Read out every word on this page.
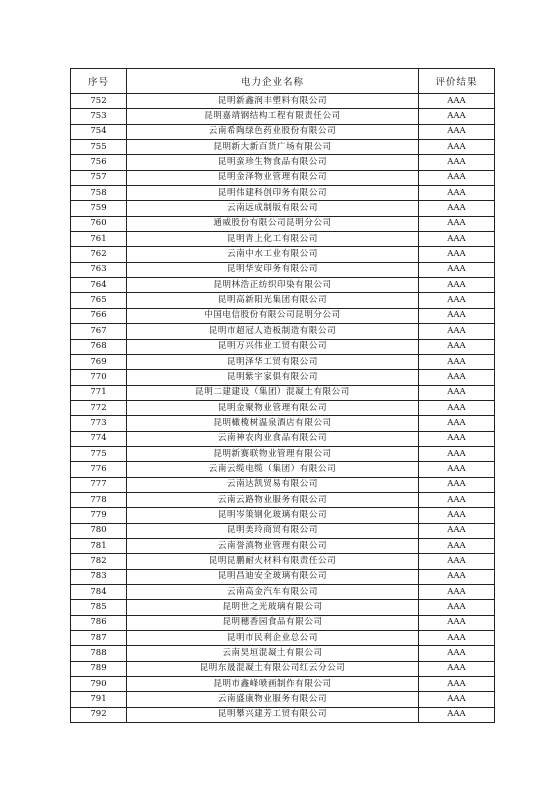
序号	电力企业名称	评价结果
752	昆明新鑫润丰塑料有限公司	AAA
753	昆明嘉靖钢结构工程有限责任公司	AAA
754	云南希陶绿色药业股份有限公司	AAA
755	昆明新大新百货广场有限公司	AAA
756	昆明蛮珍生物食品有限公司	AAA
757	昆明金泽物业管理有限公司	AAA
758	昆明伟建科创印务有限公司	AAA
759	云南远成制版有限公司	AAA
760	通威股份有限公司昆明分公司	AAA
761	昆明青上化工有限公司	AAA
762	云南中水工业有限公司	AAA
763	昆明华安印务有限公司	AAA
764	昆明林浩正纺织印染有限公司	AAA
765	昆明高新阳光集团有限公司	AAA
766	中国电信股份有限公司昆明分公司	AAA
767	昆明市超冠人造板制造有限公司	AAA
768	昆明万兴伟业工贸有限公司	AAA
769	昆明泽华工贸有限公司	AAA
770	昆明紫宇家俱有限公司	AAA
771	昆明二建建设（集团）混凝土有限公司	AAA
772	昆明金聚物业管理有限公司	AAA
773	昆明橄榄树温泉酒店有限公司	AAA
774	云南神农肉业食品有限公司	AAA
775	昆明新赛联物业管理有限公司	AAA
776	云南云缆电缆（集团）有限公司	AAA
777	云南达凯贸易有限公司	AAA
778	云南云路物业服务有限公司	AAA
779	昆明岑策钢化玻璃有限公司	AAA
780	昆明美玲商贸有限公司	AAA
781	云南誉滇物业管理有限公司	AAA
782	昆明昆鹏耐火材料有限责任公司	AAA
783	昆明昌迪安全玻璃有限公司	AAA
784	云南高金汽车有限公司	AAA
785	昆明世之光玻璃有限公司	AAA
786	昆明穗香园食品有限公司	AAA
787	昆明市民利企业总公司	AAA
788	云南昊垣混凝土有限公司	AAA
789	昆明东晟混凝土有限公司红云分公司	AAA
790	昆明市鑫峰喷画制作有限公司	AAA
791	云南盛康物业服务有限公司	AAA
792	昆明攀兴建芳工贸有限公司	AAA
